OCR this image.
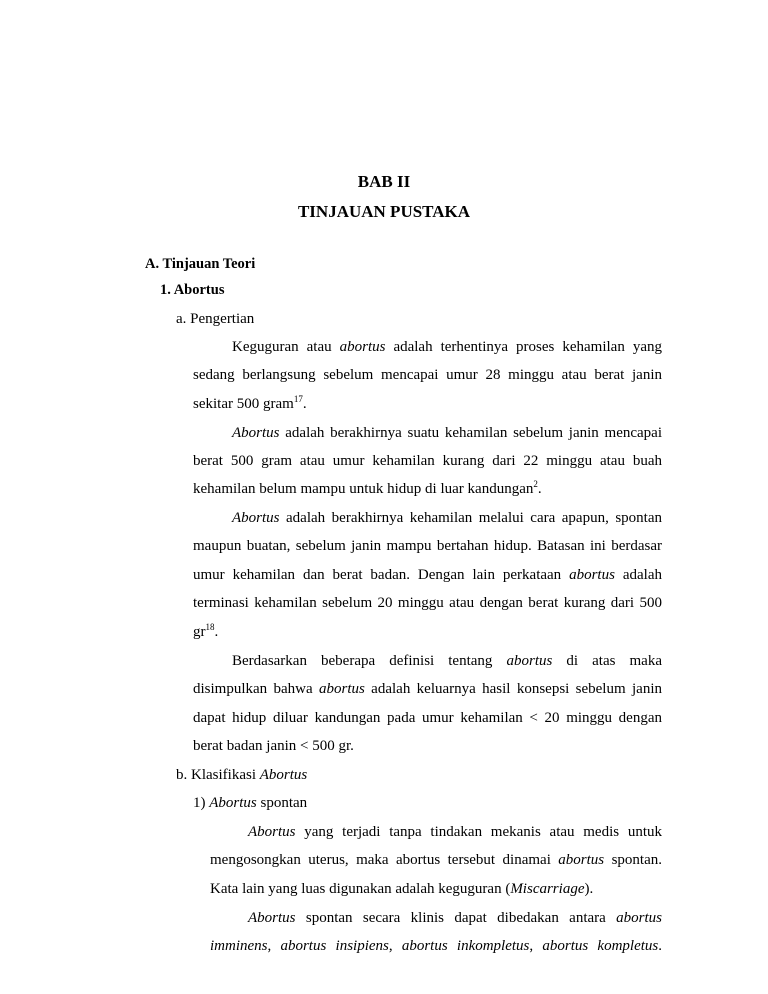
BAB II
TINJAUAN PUSTAKA
A. Tinjauan Teori
1. Abortus
a. Pengertian
Keguguran atau abortus adalah terhentinya proses kehamilan yang
sedang berlangsung sebelum mencapai umur 28 minggu atau berat janin
sekitar 500 gram$^{17}$.
Abortus adalah berakhirnya suatu kehamilan sebelum janin mencapai
berat 500 gram atau umur kehamilan kurang dari 22 minggu atau buah
kehamilan belum mampu untuk hidup di luar kandungan$^2$.
Abortus adalah berakhirnya kehamilan melalui cara apapun, spontan
maupun buatan, sebelum janin mampu bertahan hidup. Batasan ini berdasar
umur kehamilan dan berat badan. Dengan lain perkataan abortus adalah
terminasi kehamilan sebelum 20 minggu atau dengan berat kurang dari 500
$gr^{18}$.
Berdasarkan beberapa definisi tentang abortus di atas maka
disimpulkan bahwa abortus adalah keluarnya hasil konsepsi sebelum janin
dapat hidup diluar kandungan pada umur kehamilan < 20 minggu dengan
berat badan janin < 500 gr.
b. Klasifikasi Abortus
1) Abortus spontan
Abortus yang terjadi tanpa tindakan mekanis atau medis untuk
mengosongkan uterus, maka abortus tersebut dinamai abortus spontan.
Kata lain yang luas digunakan adalah keguguran (Miscarriage).
Abortus spontan secara klinis dapat dibedakan antara abortus
imminens, abortus insipiens, abortus inkompletus, abortus kompletus.
